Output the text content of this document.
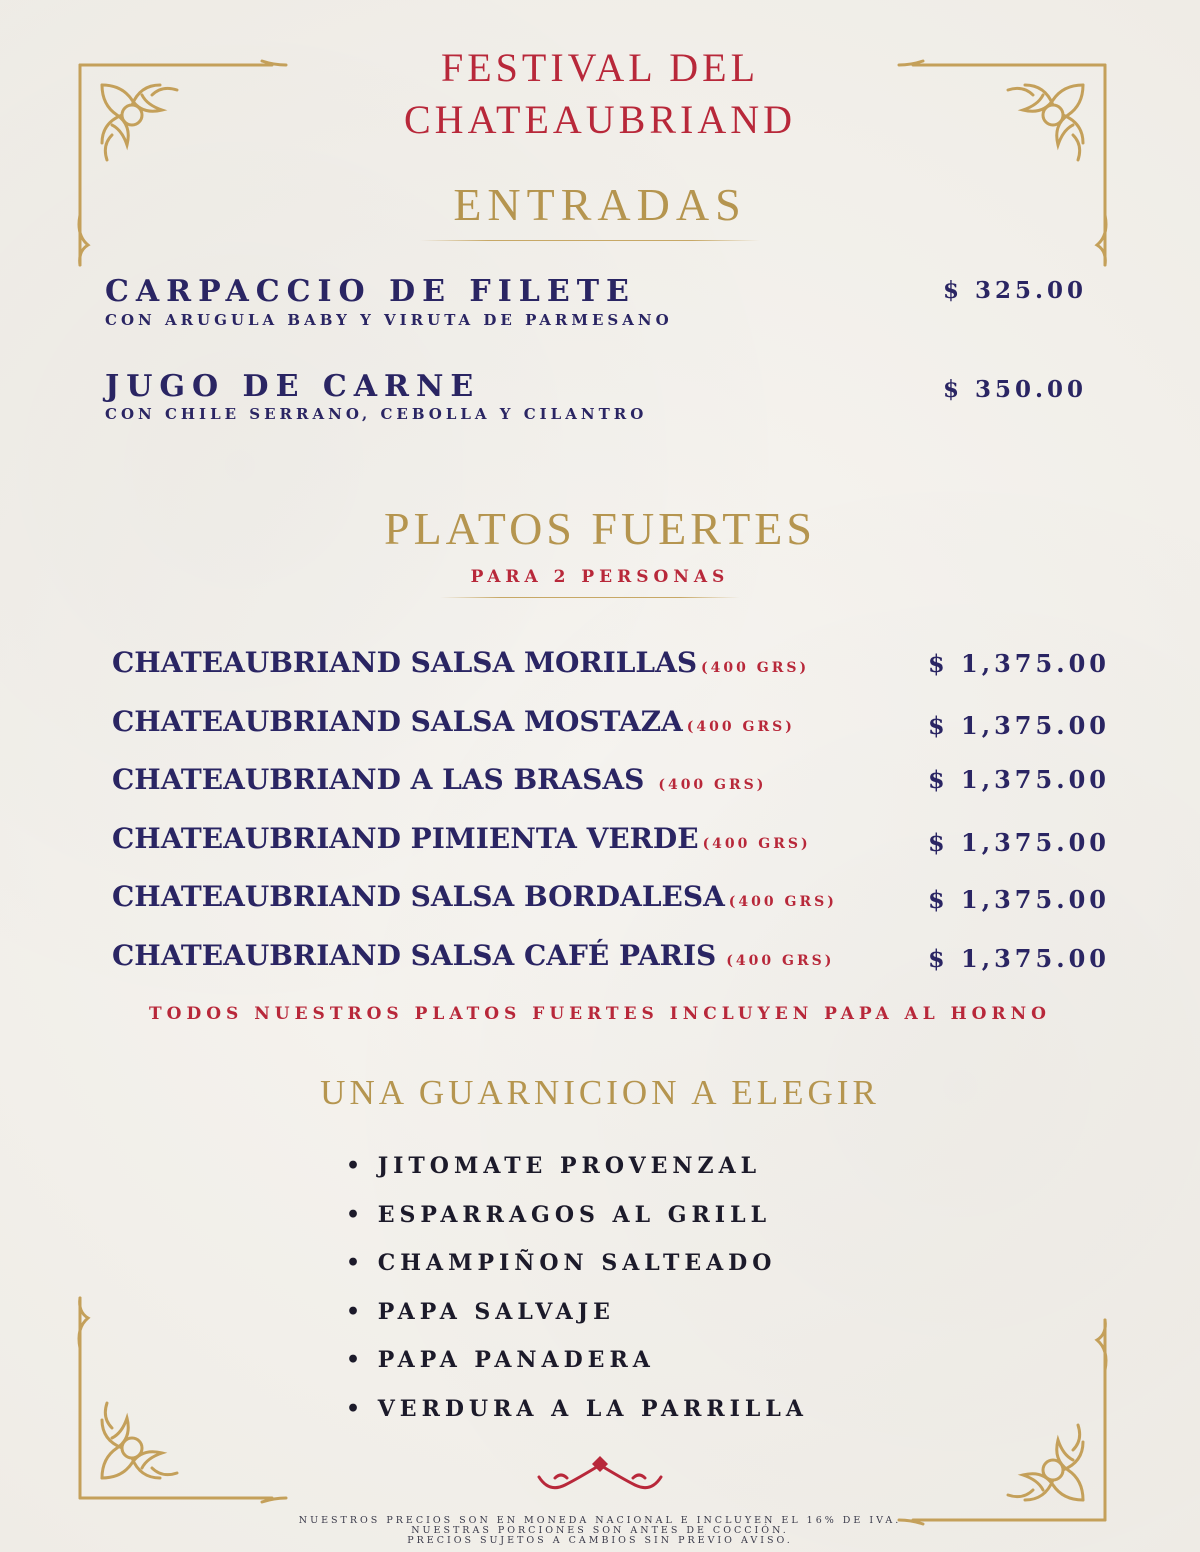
FESTIVAL DEL
CHATEAUBRIAND
ENTRADAS
CARPACCIO DE FILETE
CON ARUGULA BABY Y VIRUTA DE PARMESANO
$ 325.00
JUGO DE CARNE
CON CHILE SERRANO, CEBOLLA Y CILANTRO
$ 350.00
PLATOS FUERTES
PARA 2 PERSONAS
CHATEAUBRIAND SALSA MORILLAS (400 GRS)	$ 1,375.00
CHATEAUBRIAND SALSA MOSTAZA (400 GRS)	$ 1,375.00
CHATEAUBRIAND A LAS BRASAS (400 GRS)	$ 1,375.00
CHATEAUBRIAND PIMIENTA VERDE (400 GRS)	$ 1,375.00
CHATEAUBRIAND SALSA BORDALESA (400 GRS)	$ 1,375.00
CHATEAUBRIAND SALSA CAFÉ PARIS (400 GRS)	$ 1,375.00
TODOS NUESTROS PLATOS FUERTES INCLUYEN PAPA AL HORNO
UNA GUARNICION A ELEGIR
• JITOMATE PROVENZAL
• ESPARRAGOS AL GRILL
• CHAMPIÑON SALTEADO
• PAPA SALVAJE
• PAPA PANADERA
• VERDURA A LA PARRILLA
NUESTROS PRECIOS SON EN MONEDA NACIONAL E INCLUYEN EL 16% DE IVA.
NUESTRAS PORCIONES SON ANTES DE COCCIÓN.
PRECIOS SUJETOS A CAMBIOS SIN PREVIO AVISO.
